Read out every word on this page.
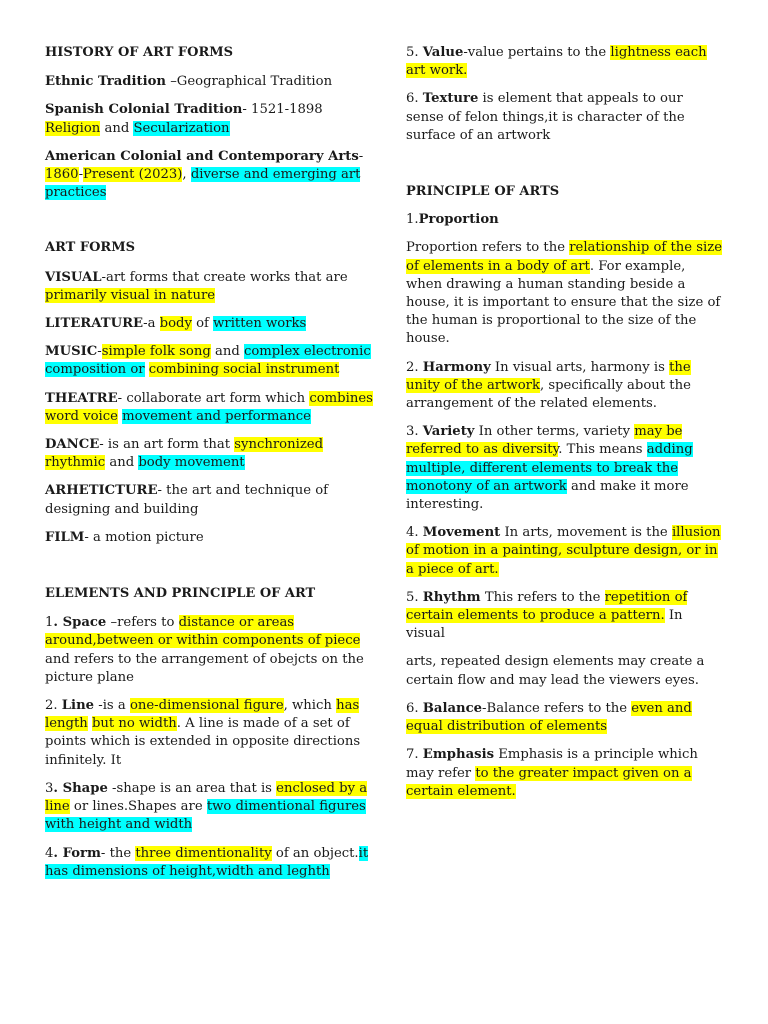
HISTORY OF ART FORMS

Ethnic Tradition –Geographical Tradition

Spanish Colonial Tradition- 1521-1898
Religion and Secularization

American Colonial and Contemporary Arts- 1860-Present (2023), diverse and emerging art practices

ART FORMS

VISUAL-art forms that create works that are primarily visual in nature

LITERATURE-a body of written works

MUSIC-simple folk song and complex electronic composition or combining social instrument

THEATRE- collaborate art form which combines word voice movement and performance

DANCE- is an art form that synchronized rhythmic and body movement

ARHETICTURE- the art and technique of designing and building

FILM- a motion picture

ELEMENTS AND PRINCIPLE OF ART

1. Space –refers to distance or areas around,between or within components of piece and refers to the arrangement of obejcts on the picture plane

2. Line -is a one-dimensional figure, which has length but no width. A line is made of a set of points which is extended in opposite directions infinitely. It

3. Shape -shape is an area that is enclosed by a line or lines.Shapes are two dimentional figures with height and width

4. Form- the three dimentionality of an object.it has dimensions of height,width and leghth

5. Value-value pertains to the lightness each art work.

6. Texture is element that appeals to our sense of felon things,it is character of the surface of an artwork

PRINCIPLE OF ARTS

1.Proportion

Proportion refers to the relationship of the size of elements in a body of art. For example, when drawing a human standing beside a house, it is important to ensure that the size of the human is proportional to the size of the house.

2. Harmony In visual arts, harmony is the unity of the artwork, specifically about the arrangement of the related elements.

3. Variety In other terms, variety may be referred to as diversity. This means adding multiple, different elements to break the monotony of an artwork and make it more interesting.

4. Movement In arts, movement is the illusion of motion in a painting, sculpture design, or in a piece of art.

5. Rhythm This refers to the repetition of certain elements to produce a pattern. In visual

arts, repeated design elements may create a certain flow and may lead the viewers eyes.

6. Balance-Balance refers to the even and equal distribution of elements

7. Emphasis Emphasis is a principle which may refer to the greater impact given on a certain element.
